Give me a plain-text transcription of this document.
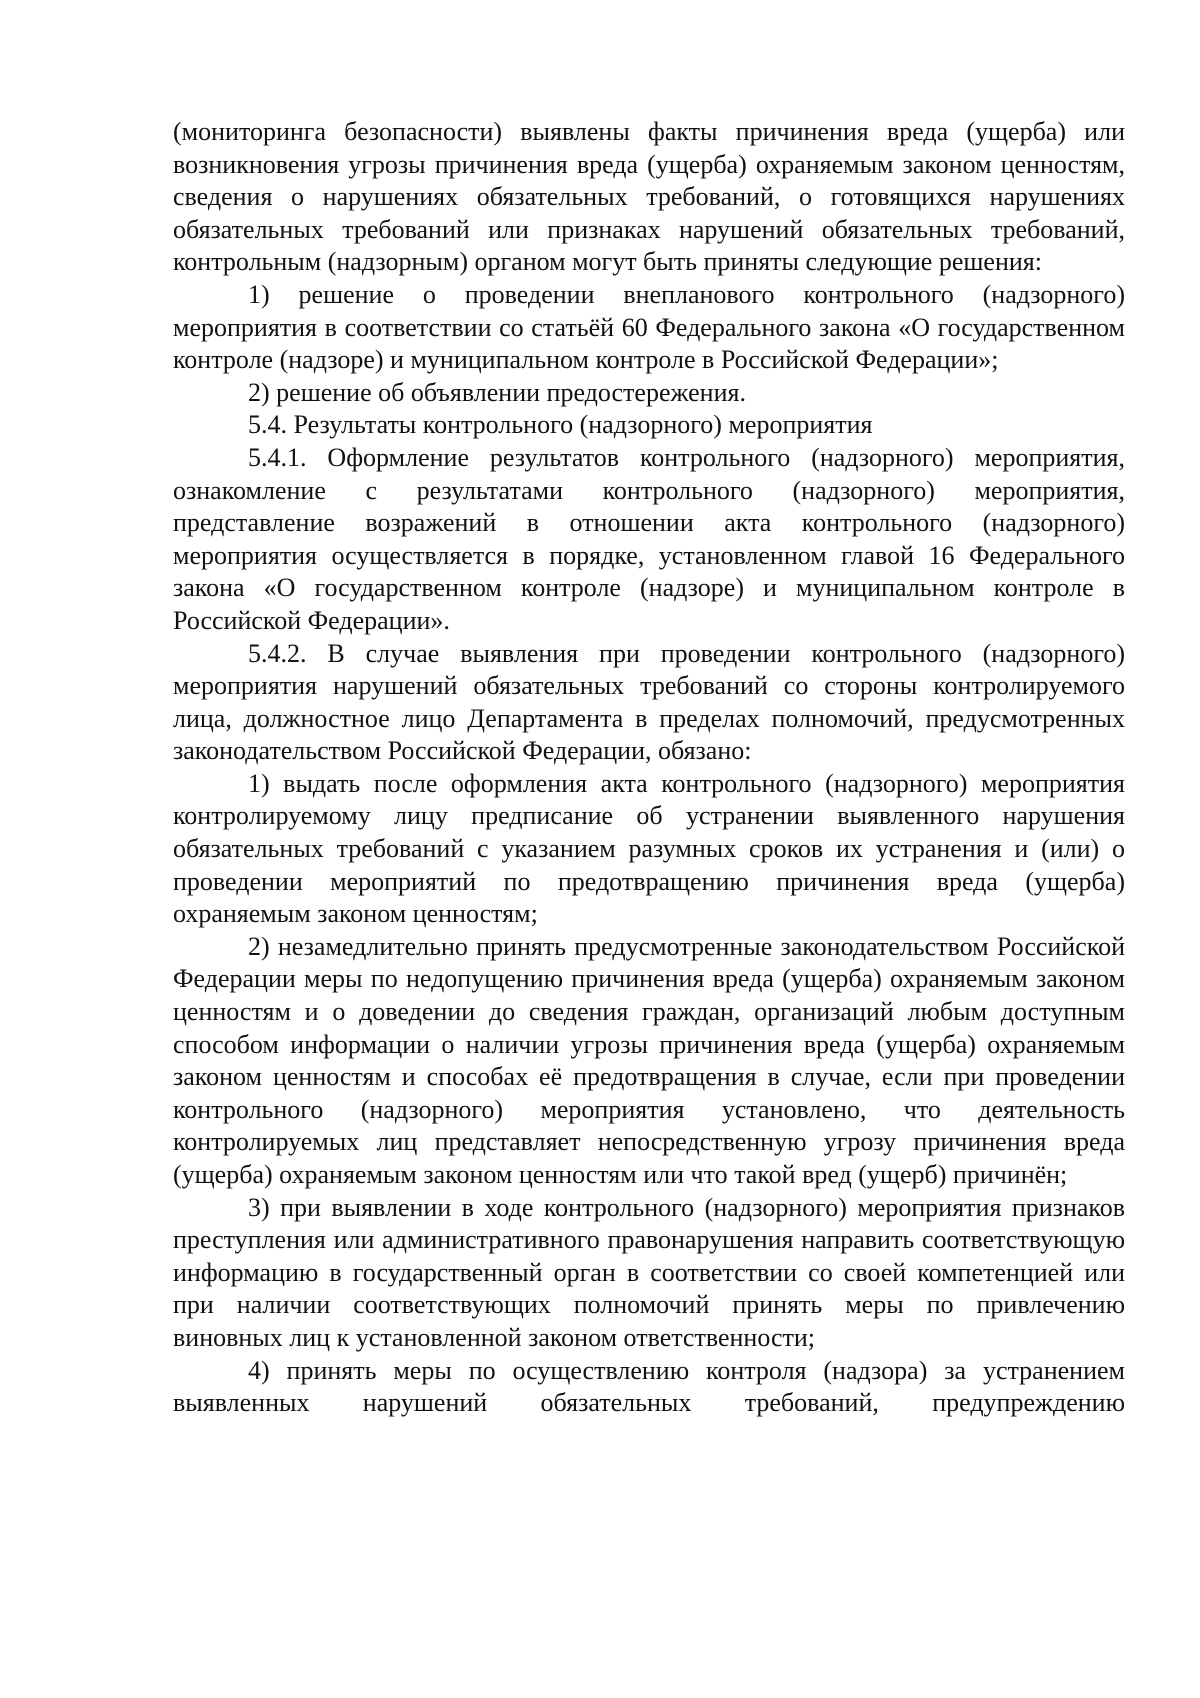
(мониторинга безопасности) выявлены факты причинения вреда (ущерба) или возникновения угрозы причинения вреда (ущерба) охраняемым законом ценностям, сведения о нарушениях обязательных требований, о готовящихся нарушениях обязательных требований или признаках нарушений обязательных требований, контрольным (надзорным) органом могут быть приняты следующие решения:

1) решение о проведении внепланового контрольного (надзорного) мероприятия в соответствии со статьёй 60 Федерального закона «О государственном контроле (надзоре) и муниципальном контроле в Российской Федерации»;

2) решение об объявлении предостережения.

5.4. Результаты контрольного (надзорного) мероприятия

5.4.1. Оформление результатов контрольного (надзорного) мероприятия, ознакомление с результатами контрольного (надзорного) мероприятия, представление возражений в отношении акта контрольного (надзорного) мероприятия осуществляется в порядке, установленном главой 16 Федерального закона «О государственном контроле (надзоре) и муниципальном контроле в Российской Федерации».

5.4.2. В случае выявления при проведении контрольного (надзорного) мероприятия нарушений обязательных требований со стороны контролируемого лица, должностное лицо Департамента в пределах полномочий, предусмотренных законодательством Российской Федерации, обязано:

1) выдать после оформления акта контрольного (надзорного) мероприятия контролируемому лицу предписание об устранении выявленного нарушения обязательных требований с указанием разумных сроков их устранения и (или) о проведении мероприятий по предотвращению причинения вреда (ущерба) охраняемым законом ценностям;

2) незамедлительно принять предусмотренные законодательством Российской Федерации меры по недопущению причинения вреда (ущерба) охраняемым законом ценностям и о доведении до сведения граждан, организаций любым доступным способом информации о наличии угрозы причинения вреда (ущерба) охраняемым законом ценностям и способах её предотвращения в случае, если при проведении контрольного (надзорного) мероприятия установлено, что деятельность контролируемых лиц представляет непосредственную угрозу причинения вреда (ущерба) охраняемым законом ценностям или что такой вред (ущерб) причинён;

3) при выявлении в ходе контрольного (надзорного) мероприятия признаков преступления или административного правонарушения направить соответствующую информацию в государственный орган в соответствии со своей компетенцией или при наличии соответствующих полномочий принять меры по привлечению виновных лиц к установленной законом ответственности;

4) принять меры по осуществлению контроля (надзора) за устранением выявленных нарушений обязательных требований, предупреждению
